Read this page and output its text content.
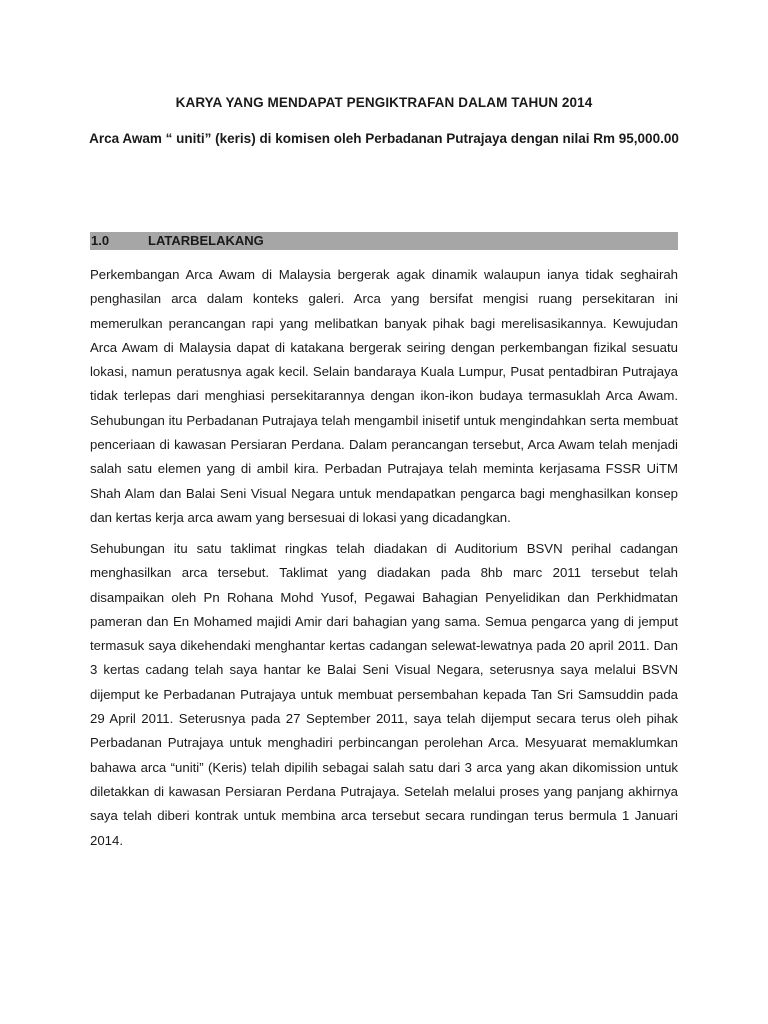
KARYA YANG MENDAPAT PENGIKTRAFAN DALAM TAHUN 2014
Arca Awam “ uniti” (keris) di komisen oleh Perbadanan Putrajaya dengan nilai Rm 95,000.00
1.0	LATARBELAKANG

Perkembangan Arca Awam di Malaysia bergerak agak dinamik walaupun ianya tidak seghairah penghasilan arca dalam konteks galeri. Arca yang bersifat mengisi ruang persekitaran ini memerulkan perancangan rapi yang melibatkan banyak pihak bagi merelisasikannya. Kewujudan Arca Awam di Malaysia dapat di katakana bergerak seiring dengan perkembangan fizikal sesuatu lokasi, namun peratusnya agak kecil. Selain bandaraya Kuala Lumpur, Pusat pentadbiran Putrajaya tidak terlepas dari menghiasi persekitarannya dengan ikon-ikon budaya termasuklah Arca Awam. Sehubungan itu Perbadanan Putrajaya telah mengambil inisetif untuk mengindahkan serta membuat penceriaan di kawasan Persiaran Perdana. Dalam perancangan tersebut, Arca Awam telah menjadi salah satu elemen yang di ambil kira. Perbadan Putrajaya telah meminta kerjasama FSSR UiTM Shah Alam dan Balai Seni Visual Negara untuk mendapatkan pengarca bagi menghasilkan konsep dan kertas kerja arca awam yang bersesuai di lokasi yang dicadangkan.

Sehubungan itu satu taklimat ringkas telah diadakan di Auditorium BSVN perihal cadangan menghasilkan arca tersebut. Taklimat yang diadakan pada 8hb marc 2011 tersebut telah disampaikan oleh Pn Rohana Mohd Yusof, Pegawai Bahagian Penyelidikan dan Perkhidmatan pameran dan En Mohamed majidi Amir dari bahagian yang sama. Semua pengarca yang di jemput termasuk saya dikehendaki menghantar kertas cadangan selewat-lewatnya pada 20 april 2011. Dan 3 kertas cadang telah saya hantar ke Balai Seni Visual Negara, seterusnya saya melalui BSVN dijemput ke Perbadanan Putrajaya untuk membuat persembahan kepada Tan Sri Samsuddin pada 29 April 2011. Seterusnya pada 27 September 2011, saya telah dijemput secara terus oleh pihak Perbadanan Putrajaya untuk menghadiri perbincangan perolehan Arca. Mesyuarat memaklumkan bahawa arca “uniti” (Keris) telah dipilih sebagai salah satu dari 3 arca yang akan dikomission untuk diletakkan di kawasan Persiaran Perdana Putrajaya. Setelah melalui proses yang panjang akhirnya saya telah diberi kontrak untuk membina arca tersebut secara rundingan terus bermula 1 Januari 2014.
